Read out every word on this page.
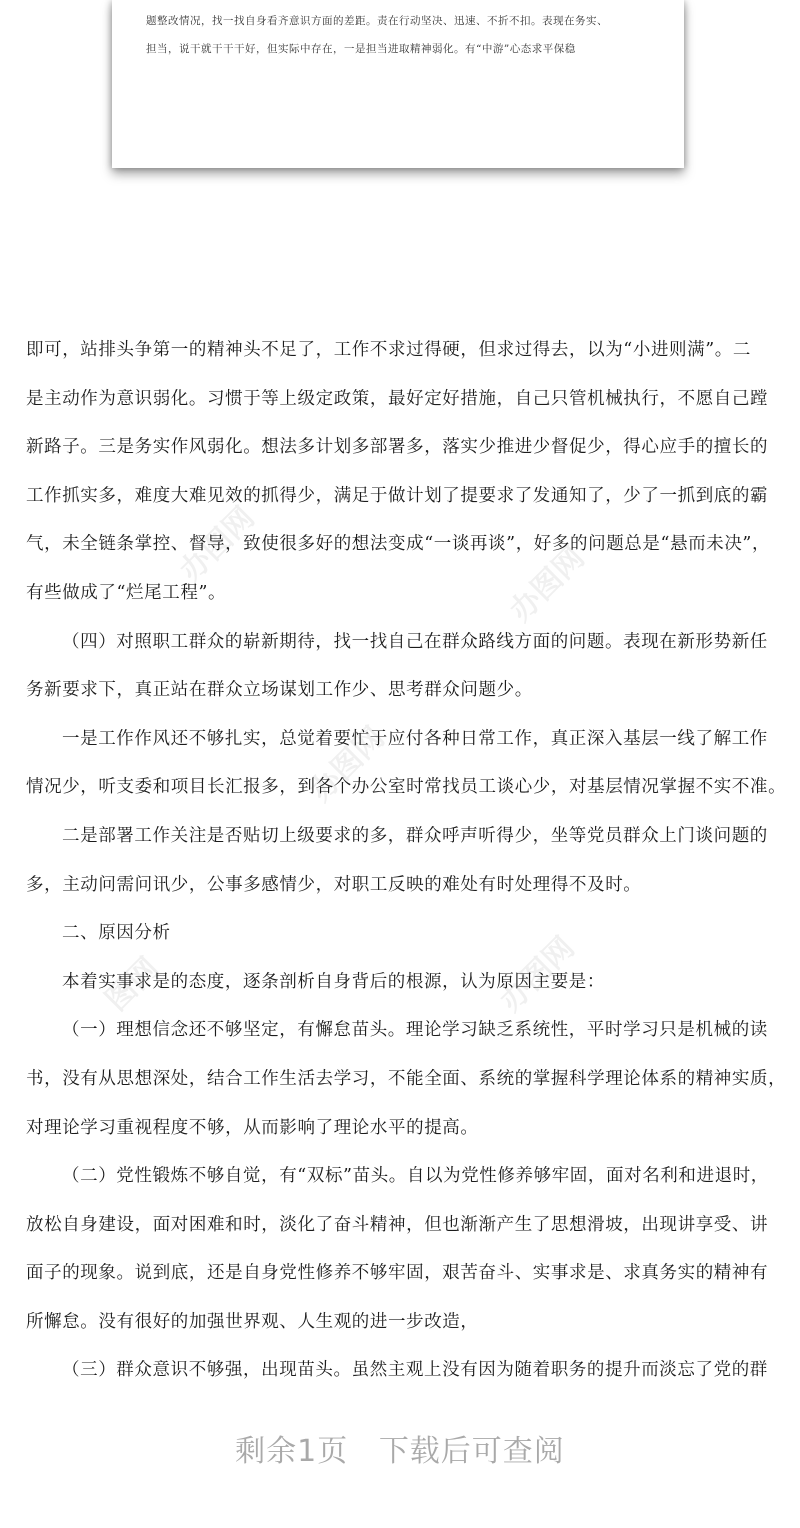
题整改情况，找一找自身看齐意识方面的差距。责在行动坚决、迅速、不折不扣。表现在务实、

担当，说干就干干干好，但实际中存在，一是担当进取精神弱化。有“中游”心态求平保稳

办图网	办图网
办图网
办图网
图网
即可，站排头争第一的精神头不足了，工作不求过得硬，但求过得去，以为“小进则满”。二
是主动作为意识弱化。习惯于等上级定政策，最好定好措施，自己只管机械执行，不愿自己蹚
新路子。三是务实作风弱化。想法多计划多部署多，落实少推进少督促少，得心应手的擅长的
工作抓实多，难度大难见效的抓得少，满足于做计划了提要求了发通知了，少了一抓到底的霸
气，未全链条掌控、督导，致使很多好的想法变成“一谈再谈”，好多的问题总是“悬而未决”，
有些做成了“烂尾工程”。
（四）对照职工群众的崭新期待，找一找自己在群众路线方面的问题。表现在新形势新任
务新要求下，真正站在群众立场谋划工作少、思考群众问题少。
一是工作作风还不够扎实，总觉着要忙于应付各种日常工作，真正深入基层一线了解工作
情况少，听支委和项目长汇报多，到各个办公室时常找员工谈心少，对基层情况掌握不实不准。
二是部署工作关注是否贴切上级要求的多，群众呼声听得少，坐等党员群众上门谈问题的
多，主动问需问讯少，公事多感情少，对职工反映的难处有时处理得不及时。
二、原因分析
本着实事求是的态度，逐条剖析自身背后的根源，认为原因主要是：
（一）理想信念还不够坚定，有懈怠苗头。理论学习缺乏系统性，平时学习只是机械的读
书，没有从思想深处，结合工作生活去学习，不能全面、系统的掌握科学理论体系的精神实质，
对理论学习重视程度不够，从而影响了理论水平的提高。
（二）党性锻炼不够自觉，有“双标”苗头。自以为党性修养够牢固，面对名利和进退时，
放松自身建设，面对困难和时，淡化了奋斗精神，但也渐渐产生了思想滑坡，出现讲享受、讲
面子的现象。说到底，还是自身党性修养不够牢固，艰苦奋斗、实事求是、求真务实的精神有
所懈怠。没有很好的加强世界观、人生观的进一步改造，
（三）群众意识不够强，出现苗头。虽然主观上没有因为随着职务的提升而淡忘了党的群
剩余1页 下载后可查阅
